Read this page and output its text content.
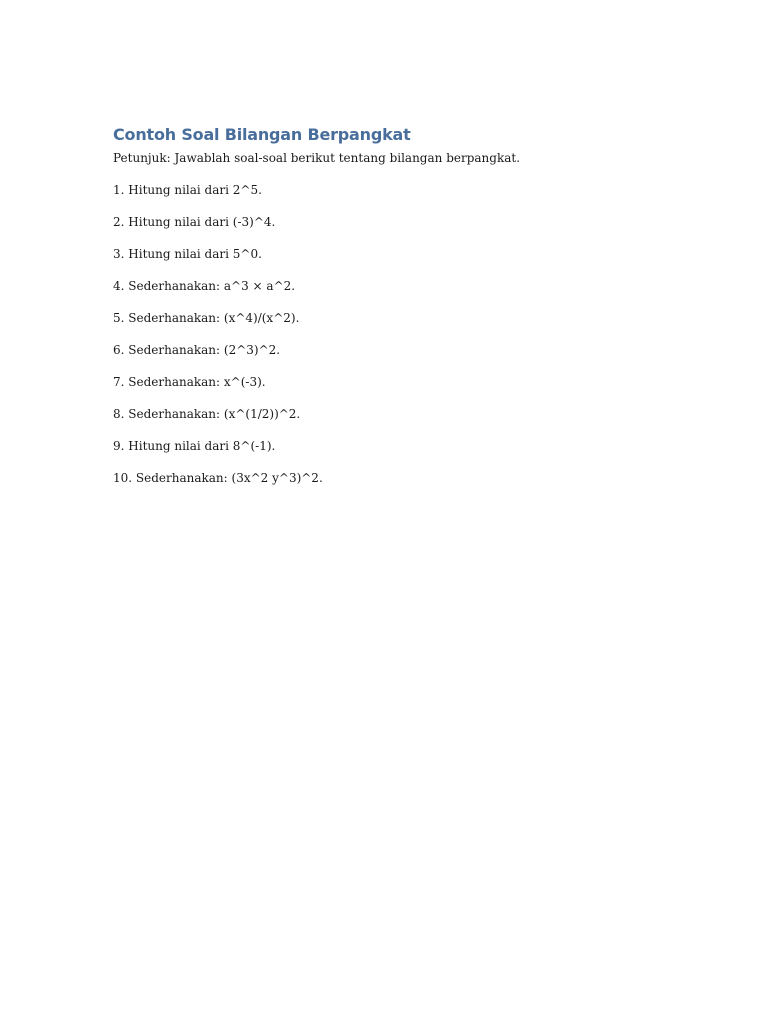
Contoh Soal Bilangan Berpangkat

Petunjuk: Jawablah soal-soal berikut tentang bilangan berpangkat.

1. Hitung nilai dari 2^5.
2. Hitung nilai dari (-3)^4.
3. Hitung nilai dari 5^0.
4. Sederhanakan: a^3 × a^2.
5. Sederhanakan: (x^4)/(x^2).
6. Sederhanakan: (2^3)^2.
7. Sederhanakan: x^(-3).
8. Sederhanakan: (x^(1/2))^2.
9. Hitung nilai dari 8^(-1).
10. Sederhanakan: (3x^2 y^3)^2.
